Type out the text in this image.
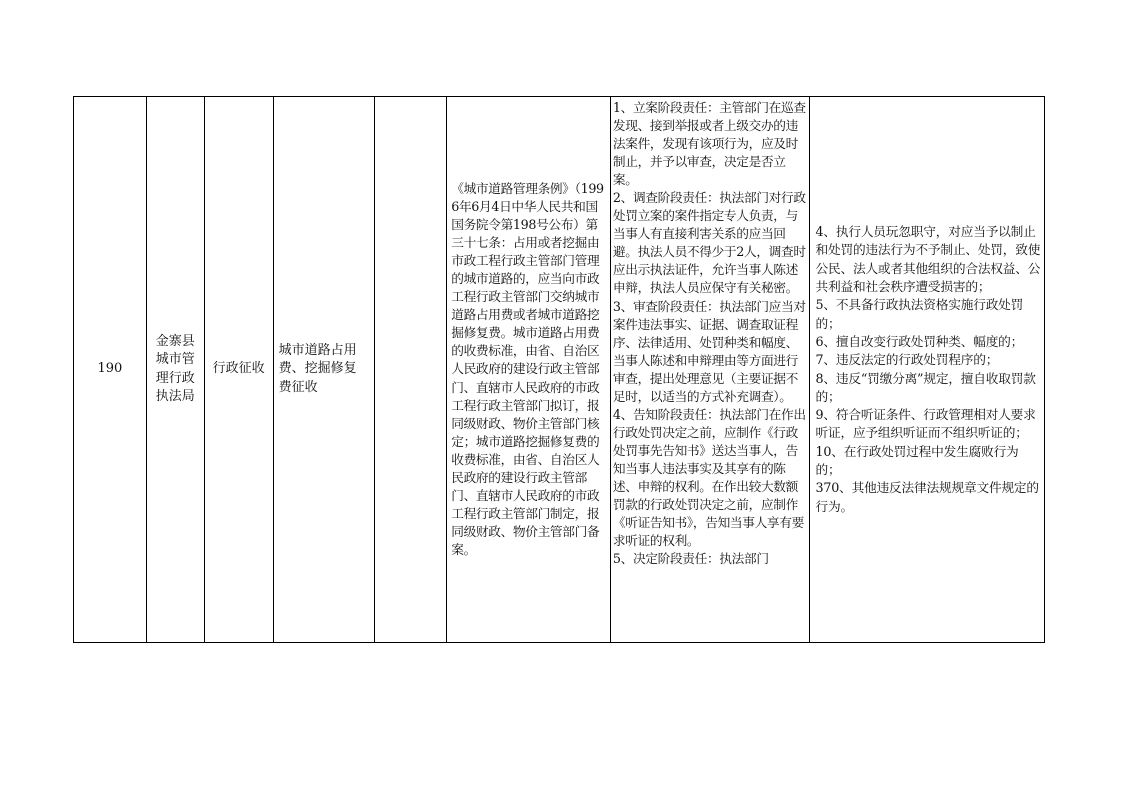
190
金寨县城市管理行政执法局
行政征收
城市道路占用费、挖掘修复费征收
《城市道路管理条例》（1996年6月4日中华人民共和国国务院令第198号公布）第三十七条：占用或者挖掘由市政工程行政主管部门管理的城市道路的，应当向市政工程行政主管部门交纳城市道路占用费或者城市道路挖掘修复费。城市道路占用费的收费标准，由省、自治区人民政府的建设行政主管部门、直辖市人民政府的市政工程行政主管部门拟订，报同级财政、物价主管部门核定；城市道路挖掘修复费的收费标准，由省、自治区人民政府的建设行政主管部门、直辖市人民政府的市政工程行政主管部门制定，报同级财政、物价主管部门备案。
1、立案阶段责任：主管部门在巡查发现、接到举报或者上级交办的违法案件，发现有该项行为，应及时制止，并予以审查，决定是否立案。
2、调查阶段责任：执法部门对行政处罚立案的案件指定专人负责，与当事人有直接利害关系的应当回避。执法人员不得少于2人，调查时应出示执法证件，允许当事人陈述申辩，执法人员应保守有关秘密。
3、审查阶段责任：执法部门应当对案件违法事实、证据、调查取证程序、法律适用、处罚种类和幅度、当事人陈述和申辩理由等方面进行审查，提出处理意见（主要证据不足时，以适当的方式补充调查）。
4、告知阶段责任：执法部门在作出行政处罚决定之前，应制作《行政处罚事先告知书》送达当事人，告知当事人违法事实及其享有的陈述、申辩的权利。在作出较大数额罚款的行政处罚决定之前，应制作《听证告知书》，告知当事人享有要求听证的权利。
5、决定阶段责任：执法部门
4、执行人员玩忽职守，对应当予以制止和处罚的违法行为不予制止、处罚，致使公民、法人或者其他组织的合法权益、公共利益和社会秩序遭受损害的；
5、不具备行政执法资格实施行政处罚的；
6、擅自改变行政处罚种类、幅度的；
7、违反法定的行政处罚程序的；
8、违反“罚缴分离”规定，擅自收取罚款的；
9、符合听证条件、行政管理相对人要求听证，应予组织听证而不组织听证的；
10、在行政处罚过程中发生腐败行为的；
370、其他违反法律法规规章文件规定的行为。
